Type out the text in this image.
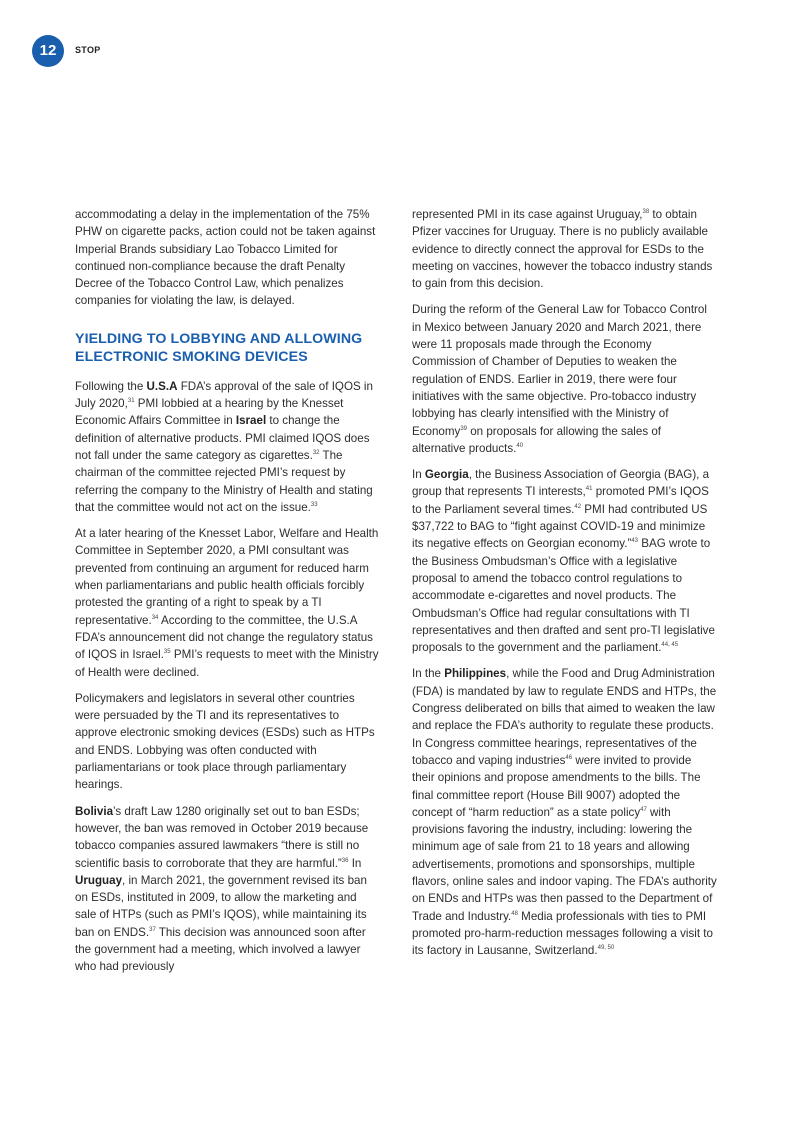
12	STOP

accommodating a delay in the implementation of the 75% PHW on cigarette packs, action could not be taken against Imperial Brands subsidiary Lao Tobacco Limited for continued non-compliance because the draft Penalty Decree of the Tobacco Control Law, which penalizes companies for violating the law, is delayed.

YIELDING TO LOBBYING AND ALLOWING ELECTRONIC SMOKING DEVICES

Following the U.S.A FDA’s approval of the sale of IQOS in July 2020,31 PMI lobbied at a hearing by the Knesset Economic Affairs Committee in Israel to change the definition of alternative products. PMI claimed IQOS does not fall under the same category as cigarettes.$^{32}$ The chairman of the committee rejected PMI’s request by referring the company to the Ministry of Health and stating that the committee would not act on the issue.$^{33}$

At a later hearing of the Knesset Labor, Welfare and Health Committee in September 2020, a PMI consultant was prevented from continuing an argument for reduced harm when parliamentarians and public health officials forcibly protested the granting of a right to speak by a TI representative.$^{34}$ According to the committee, the U.S.A FDA’s announcement did not change the regulatory status of IQOS in Israel.$^{35}$ PMI’s requests to meet with the Ministry of Health were declined.

Policymakers and legislators in several other countries were persuaded by the TI and its representatives to approve electronic smoking devices (ESDs) such as HTPs and ENDS. Lobbying was often conducted with parliamentarians or took place through parliamentary hearings.

Bolivia’s draft Law 1280 originally set out to ban ESDs; however, the ban was removed in October 2019 because tobacco companies assured lawmakers “there is still no scientific basis to corroborate that they are harmful.”$^{36}$ In Uruguay, in March 2021, the government revised its ban on ESDs, instituted in 2009, to allow the marketing and sale of HTPs (such as PMI’s IQOS), while maintaining its ban on ENDS.$^{37}$ This decision was announced soon after the government had a meeting, which involved a lawyer who had previously

represented PMI in its case against Uruguay,$^{38}$ to obtain Pfizer vaccines for Uruguay. There is no publicly available evidence to directly connect the approval for ESDs to the meeting on vaccines, however the tobacco industry stands to gain from this decision.

During the reform of the General Law for Tobacco Control in Mexico between January 2020 and March 2021, there were 11 proposals made through the Economy Commission of Chamber of Deputies to weaken the regulation of ENDS. Earlier in 2019, there were four initiatives with the same objective. Pro-tobacco industry lobbying has clearly intensified with the Ministry of Economy$^{39}$ on proposals for allowing the sales of alternative products.$^{40}$

In Georgia, the Business Association of Georgia (BAG), a group that represents TI interests,$^{41}$ promoted PMI’s IQOS to the Parliament several times.$^{42}$ PMI had contributed US $37,722 to BAG to “fight against COVID-19 and minimize its negative effects on Georgian economy.”$^{43}$ BAG wrote to the Business Ombudsman’s Office with a legislative proposal to amend the tobacco control regulations to accommodate e-cigarettes and novel products. The Ombudsman’s Office had regular consultations with TI representatives and then drafted and sent pro-TI legislative proposals to the government and the parliament.$^{44, 45}$

In the Philippines, while the Food and Drug Administration (FDA) is mandated by law to regulate ENDS and HTPs, the Congress deliberated on bills that aimed to weaken the law and replace the FDA’s authority to regulate these products. In Congress committee hearings, representatives of the tobacco and vaping industries$^{46}$ were invited to provide their opinions and propose amendments to the bills. The final committee report (House Bill 9007) adopted the concept of “harm reduction” as a state policy$^{47}$ with provisions favoring the industry, including: lowering the minimum age of sale from 21 to 18 years and allowing advertisements, promotions and sponsorships, multiple flavors, online sales and indoor vaping. The FDA’s authority on ENDs and HTPs was then passed to the Department of Trade and Industry.$^{48}$ Media professionals with ties to PMI promoted pro-harm-reduction messages following a visit to its factory in Lausanne, Switzerland.$^{49, 50}$
